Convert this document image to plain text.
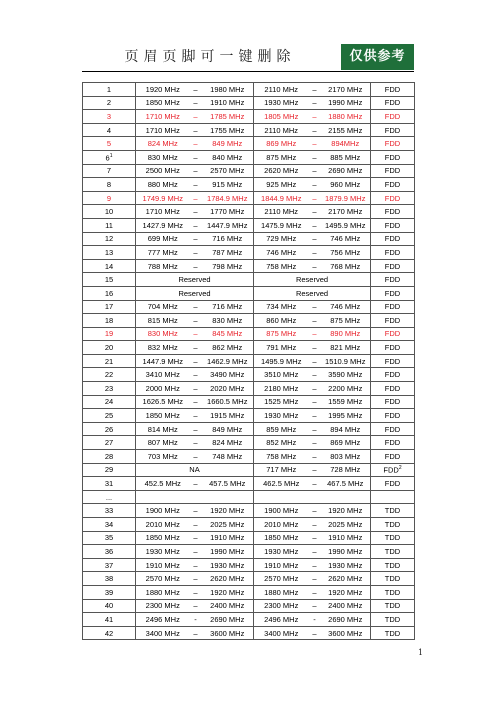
页眉页脚可一键删除	仅供参考
1	1920 MHz	–	1980 MHz	2110 MHz	–	2170 MHz	FDD
2	1850 MHz	–	1910 MHz	1930 MHz	–	1990 MHz	FDD
3	1710 MHz	–	1785 MHz	1805 MHz	–	1880 MHz	FDD
4	1710 MHz	–	1755 MHz	2110 MHz	–	2155 MHz	FDD
5	824 MHz	–	849 MHz	869 MHz	–	894MHz	FDD
$6^1$	830 MHz	–	840 MHz	875 MHz	–	885 MHz	FDD
7	2500 MHz	–	2570 MHz	2620 MHz	–	2690 MHz	FDD
8	880 MHz	–	915 MHz	925 MHz	–	960 MHz	FDD
9	1749.9 MHz	–	1784.9 MHz	1844.9 MHz	–	1879.9 MHz	FDD
10	1710 MHz	–	1770 MHz	2110 MHz	–	2170 MHz	FDD
11	1427.9 MHz	–	1447.9 MHz	1475.9 MHz	–	1495.9 MHz	FDD
12	699 MHz	–	716 MHz	729 MHz	–	746 MHz	FDD
13	777 MHz	–	787 MHz	746 MHz	–	756 MHz	FDD
14	788 MHz	–	798 MHz	758 MHz	–	768 MHz	FDD
15	Reserved			Reserved			FDD
16	Reserved			Reserved			FDD
17	704 MHz	–	716 MHz	734 MHz	–	746 MHz	FDD
18	815 MHz	–	830 MHz	860 MHz	–	875 MHz	FDD
19	830 MHz	–	845 MHz	875 MHz	–	890 MHz	FDD
20	832 MHz	–	862 MHz	791 MHz	–	821 MHz	FDD
21	1447.9 MHz	–	1462.9 MHz	1495.9 MHz	–	1510.9 MHz	FDD
22	3410 MHz	–	3490 MHz	3510 MHz	–	3590 MHz	FDD
23	2000 MHz	–	2020 MHz	2180 MHz	–	2200 MHz	FDD
24	1626.5 MHz	–	1660.5 MHz	1525 MHz	–	1559 MHz	FDD
25	1850 MHz	–	1915 MHz	1930 MHz	–	1995 MHz	FDD
26	814 MHz	–	849 MHz	859 MHz	–	894 MHz	FDD
27	807 MHz	–	824 MHz	852 MHz	–	869 MHz	FDD
28	703 MHz	–	748 MHz	758 MHz	–	803 MHz	FDD
29	NA			717 MHz	–	728 MHz	FDD$^2$
31	452.5 MHz	–	457.5 MHz	462.5 MHz	–	467.5 MHz	FDD
...							
33	1900 MHz	–	1920 MHz	1900 MHz	–	1920 MHz	TDD
34	2010 MHz	–	2025 MHz	2010 MHz	–	2025 MHz	TDD
35	1850 MHz	–	1910 MHz	1850 MHz	–	1910 MHz	TDD
36	1930 MHz	–	1990 MHz	1930 MHz	–	1990 MHz	TDD
37	1910 MHz	–	1930 MHz	1910 MHz	–	1930 MHz	TDD
38	2570 MHz	–	2620 MHz	2570 MHz	–	2620 MHz	TDD
39	1880 MHz	–	1920 MHz	1880 MHz	–	1920 MHz	TDD
40	2300 MHz	–	2400 MHz	2300 MHz	–	2400 MHz	TDD
41	2496 MHz	-	2690 MHz	2496 MHz	-	2690 MHz	TDD
42	3400 MHz	–	3600 MHz	3400 MHz	–	3600 MHz	TDD
1
